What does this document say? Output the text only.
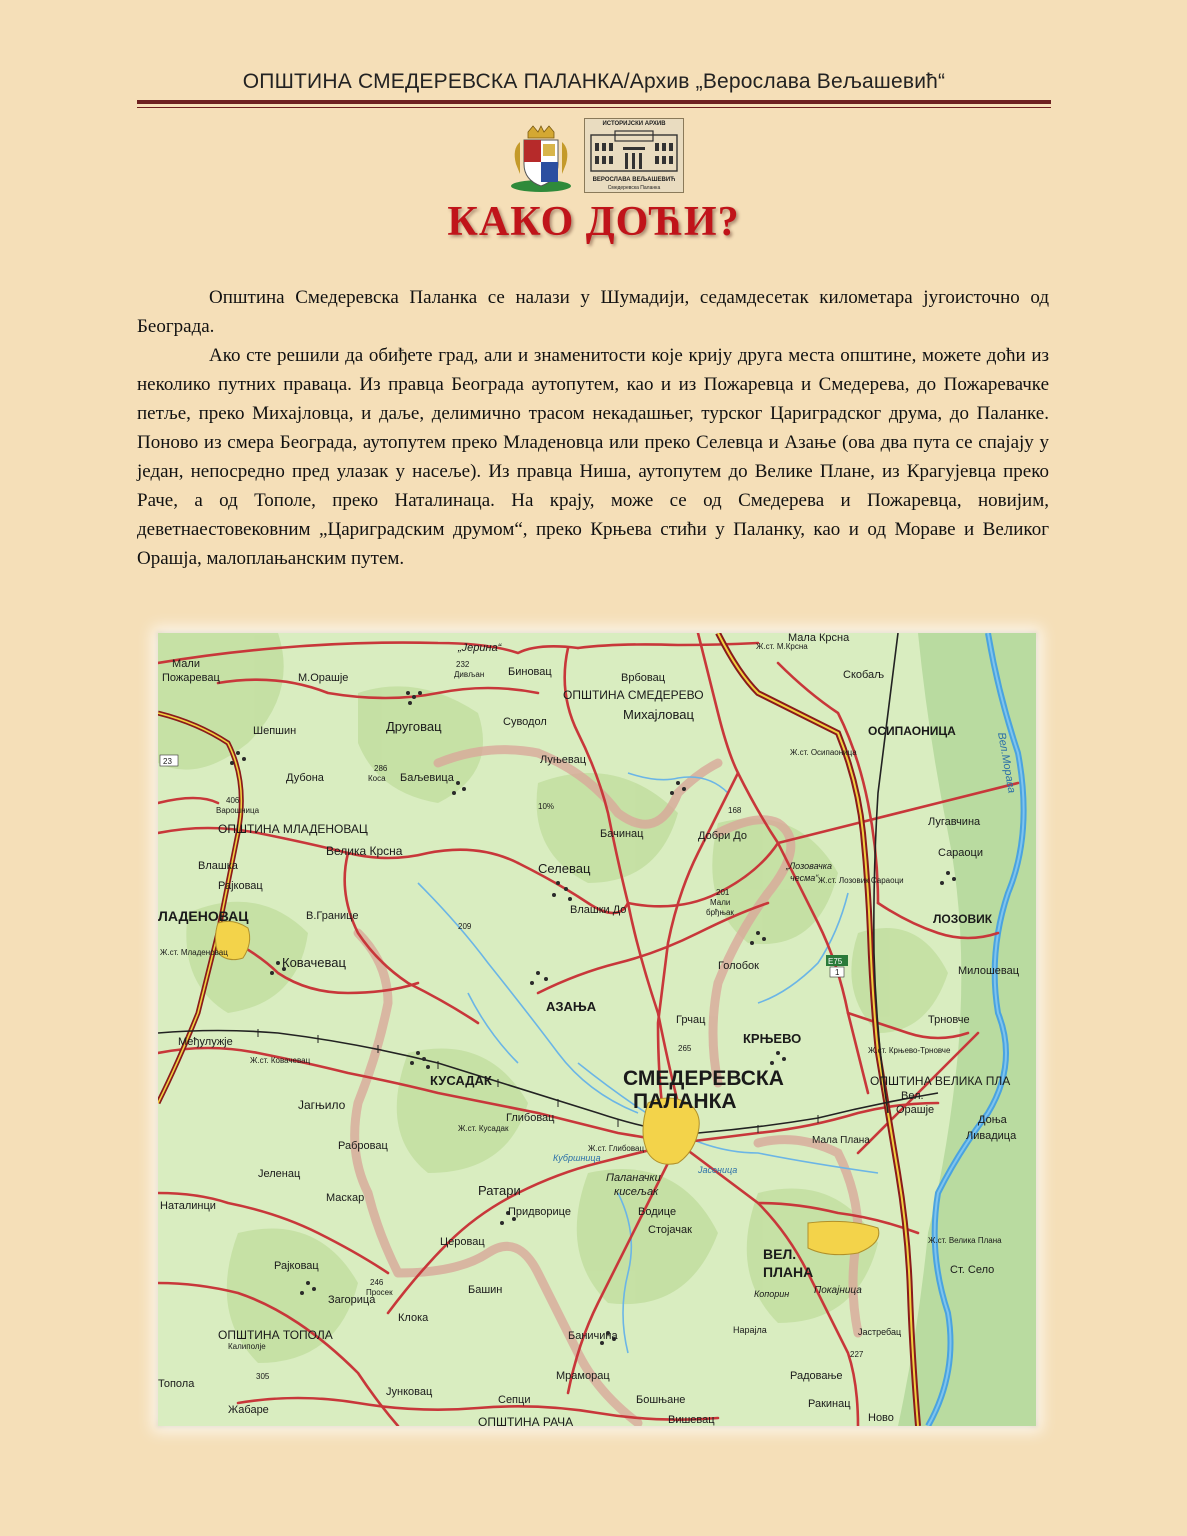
ОПШТИНА СМЕДЕРЕВСКА ПАЛАНКА/Архив „Верослава Вељашевић“
ИСТОРИЈСКИ АРХИВ
ВЕРОСЛАВА ВЕЉАШЕВИЋ
Смедеревска Паланка
КАКО ДОЋИ?

Општина Смедеревска Паланка се налази у Шумадији, седамдесетак километара југоисточно од Београда.

Ако сте решили да обиђете град, али и знаменитости које крију друга места општине, можете доћи из неколико путних праваца. Из правца Београда аутопутем, као и из Пожаревца и Смедерева, до Пожаревачке петље, преко Михајловца, и даље, делимично трасом некадашњег, турског Цариградског друма, до Паланке. Поново из смера Београда, аутопутем преко Младеновца или преко Селевца и Азање (ова два пута се спајају у један, непосредно пред улазак у насеље). Из правца Ниша, аутопутем до Велике Плане, из Крагујевца преко Раче, а од Тополе, преко Наталинаца. На крају, може се од Смедерева и Пожаревца, новијим, деветнаестовековним „Цариградским друмом“, преко Крњева стићи у Паланку, као и од Мораве и Великог Орашја, малоплањанским путем.

СМЕДЕРЕВСКА
ПАЛАНКА
АЗАЊА
КУСАДАК
КРЊЕВО
ВЕЛ.
ПЛАНА
ЛАДЕНОВАЦ
ОСИПАОНИЦА
ЛОЗОВИК
ОПШТИНА СМЕДЕРЕВО
ОПШТИНА МЛАДЕНОВАЦ
ОПШТИНА ТОПОЛА
ОПШТИНА ВЕЛИКА ПЛА
ОПШТИНА РАЧА
Селевац
Михајловац
Друговац
Биновац
Суводол
Врбовац	Скобаљ
Лугавчина
Сараоци
Милошевац
Трновче
Голобок
Влашки До
Добри До
Бачинац
Луњевац
Велика Крсна
Баљевица
Шепшин
Дубона
Мали
Пожаревац	М.Орашје
Влашка
Рајковац
В.Границе
Ковачевац
Међулужје
Јагњило
Рабровац
Јеленац
Маскар
Наталинци
Рајковац
Загорица
Топола
Жабаре
Јунковац
Ратари
Глибовац
Придворице
Церовац
Клока
Башин
Баничина
Мраморац
Сепци	Бошњане
Вишевац
Стојачак
Водице
Паланачки
кисељак
Грчац
Вел.
Орашје
Доња
Ливадица
Мала Плана
Ст. Село
Покајница
Радовање
Ракинац
Ново
Копорин
Нарајла	Јастребац
Мала Крсна
Вел.Морава
„Јерина“
„Лозовачка
чесма“
Ж.ст. Кусадак
Ж.ст. Глибовац
Ж.ст. Младеновац
Ж.ст. Ковачевац
Ж.ст. Крњево-Трновче
Ж.ст. Осипаоница
Ж.ст. Лозовик Сараоци
Ж.ст. М.Крсна
Ж.ст. Велика Плана
Кубршница
Јасеница
E75
1
23
232
Дивљан
168
201
Мали
брђњак
209
265
286
Коса
406
Варошница
246
Просек
Калиполје
305
227
10%
